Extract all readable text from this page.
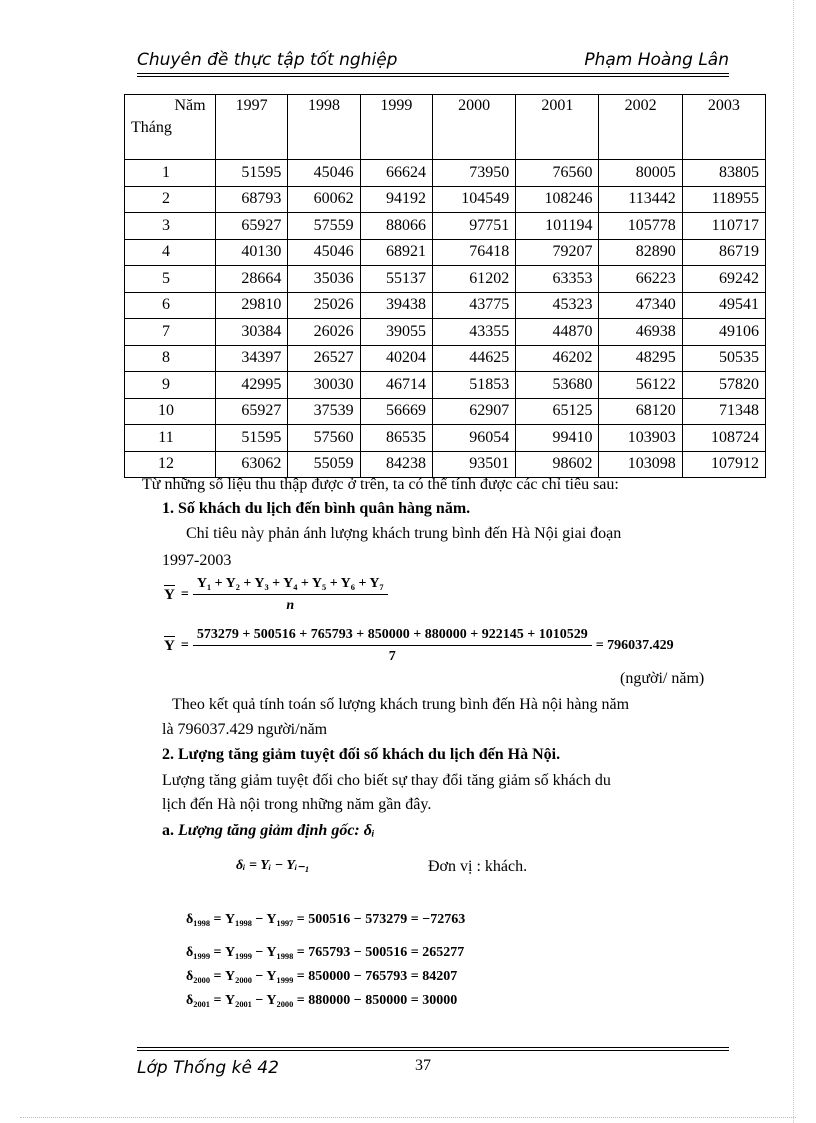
Chuyên đề thực tập tốt nghiệp	Phạm Hoàng Lân
Năm
Tháng	1997	1998	1999	2000	2001	2002	2003
1	51595	45046	66624	73950	76560	80005	83805
2	68793	60062	94192	104549	108246	113442	118955
3	65927	57559	88066	97751	101194	105778	110717
4	40130	45046	68921	76418	79207	82890	86719
5	28664	35036	55137	61202	63353	66223	69242
6	29810	25026	39438	43775	45323	47340	49541
7	30384	26026	39055	43355	44870	46938	49106
8	34397	26527	40204	44625	46202	48295	50535
9	42995	30030	46714	51853	53680	56122	57820
10	65927	37539	56669	62907	65125	68120	71348
11	51595	57560	86535	96054	99410	103903	108724
12	63062	55059	84238	93501	98602	103098	107912
Từ những số liệu thu thập được ở trên, ta có thể tính được các chỉ tiêu sau:
1. Số khách du lịch đến bình quân hàng năm.
Chỉ tiêu này phản ánh lượng khách trung bình đến Hà Nội giai đoạn
1997-2003
$Y = \frac{\text{Y₁ + Y₂ + Y₃ + Y₄ + Y₅ + Y₆ + Y₇}}{n}$
Y =
573279 + 500516 + 765793 + 850000 + 880000 + 922145 + 1010529
7
= 796037.429
(người/ năm)
Theo kết quả tính toán số lượng khách trung bình đến Hà nội hàng năm
là 796037.429 người/năm
2. Lượng tăng giảm tuyệt đối số khách du lịch đến Hà Nội.
Lượng tăng giảm tuyệt đối cho biết sự thay đổi tăng giảm số khách du
lịch đến Hà nội trong những năm gần đây.
a. Lượng tăng giảm định gốc: δᵢ
δᵢ = Yᵢ − Yᵢ₋₁	Đơn vị : khách.
δ₁₉₉₈ = Y₁₉₉₈ − Y₁₉₉₇ = 500516 − 573279 = −72763
δ₁₉₉₉ = Y₁₉₉₉ − Y₁₉₉₈ = 765793 − 500516 = 265277
δ₂₀₀₀ = Y₂₀₀₀ − Y₁₉₉₉ = 850000 − 765793 = 84207
δ₂₀₀₁ = Y₂₀₀₁ − Y₂₀₀₀ = 880000 − 850000 = 30000
Lớp Thống kê 42	37
